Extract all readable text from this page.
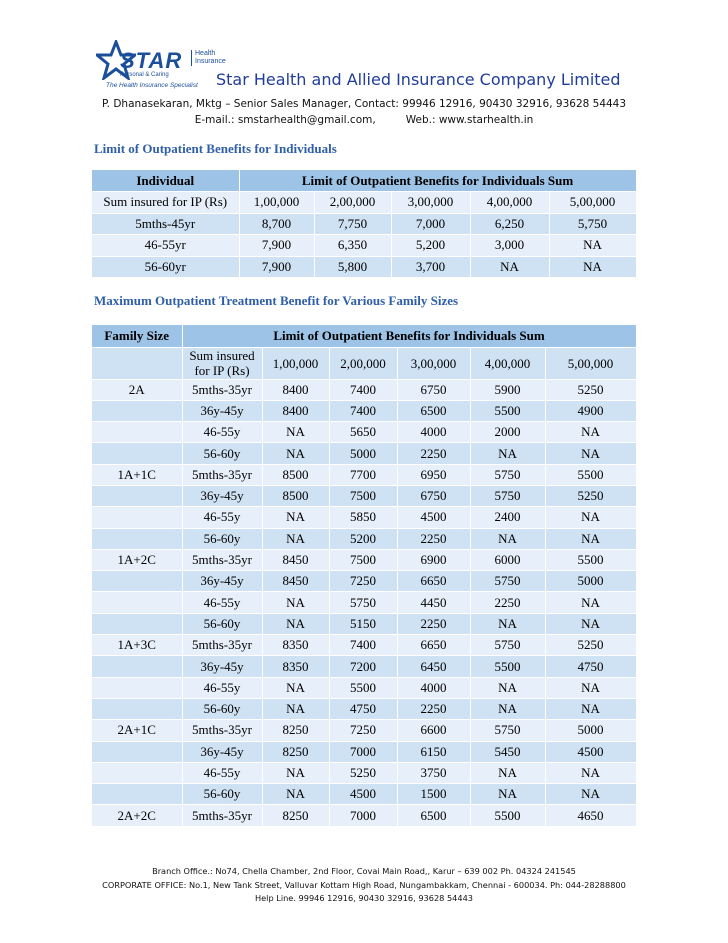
STAR
Personal & Caring
Health
Insurance
The Health Insurance Specialist Star Health and Allied Insurance Company Limited
P. Dhanasekaran, Mktg – Senior Sales Manager, Contact: 99946 12916, 90430 32916, 93628 54443
E-mail.: smstarhealth@gmail.com,         Web.: www.starhealth.in
Limit of Outpatient Benefits for Individuals
Individual	Limit of Outpatient Benefits for Individuals Sum				
Sum insured for IP (Rs)	1,00,000	2,00,000	3,00,000	4,00,000	5,00,000
5mths-45yr	8,700	7,750	7,000	6,250	5,750
46-55yr	7,900	6,350	5,200	3,000	NA
56-60yr	7,900	5,800	3,700	NA	NA
Maximum Outpatient Treatment Benefit for Various Family Sizes
Family Size	Limit of Outpatient Benefits for Individuals Sum					
	Sum insured for IP (Rs)	1,00,000	2,00,000	3,00,000	4,00,000	5,00,000
2A	5mths-35yr	8400	7400	6750	5900	5250
	36y-45y	8400	7400	6500	5500	4900
	46-55y	NA	5650	4000	2000	NA
	56-60y	NA	5000	2250	NA	NA
1A+1C	5mths-35yr	8500	7700	6950	5750	5500
	36y-45y	8500	7500	6750	5750	5250
	46-55y	NA	5850	4500	2400	NA
	56-60y	NA	5200	2250	NA	NA
1A+2C	5mths-35yr	8450	7500	6900	6000	5500
	36y-45y	8450	7250	6650	5750	5000
	46-55y	NA	5750	4450	2250	NA
	56-60y	NA	5150	2250	NA	NA
1A+3C	5mths-35yr	8350	7400	6650	5750	5250
	36y-45y	8350	7200	6450	5500	4750
	46-55y	NA	5500	4000	NA	NA
	56-60y	NA	4750	2250	NA	NA
2A+1C	5mths-35yr	8250	7250	6600	5750	5000
	36y-45y	8250	7000	6150	5450	4500
	46-55y	NA	5250	3750	NA	NA
	56-60y	NA	4500	1500	NA	NA
2A+2C	5mths-35yr	8250	7000	6500	5500	4650
Branch Office.: No74, Chella Chamber, 2nd Floor, Covai Main Road,, Karur – 639 002 Ph. 04324 241545
CORPORATE OFFICE: No.1, New Tank Street, Valluvar Kottam High Road, Nungambakkam, Chennai - 600034. Ph: 044-28288800
Help Line. 99946 12916, 90430 32916, 93628 54443
